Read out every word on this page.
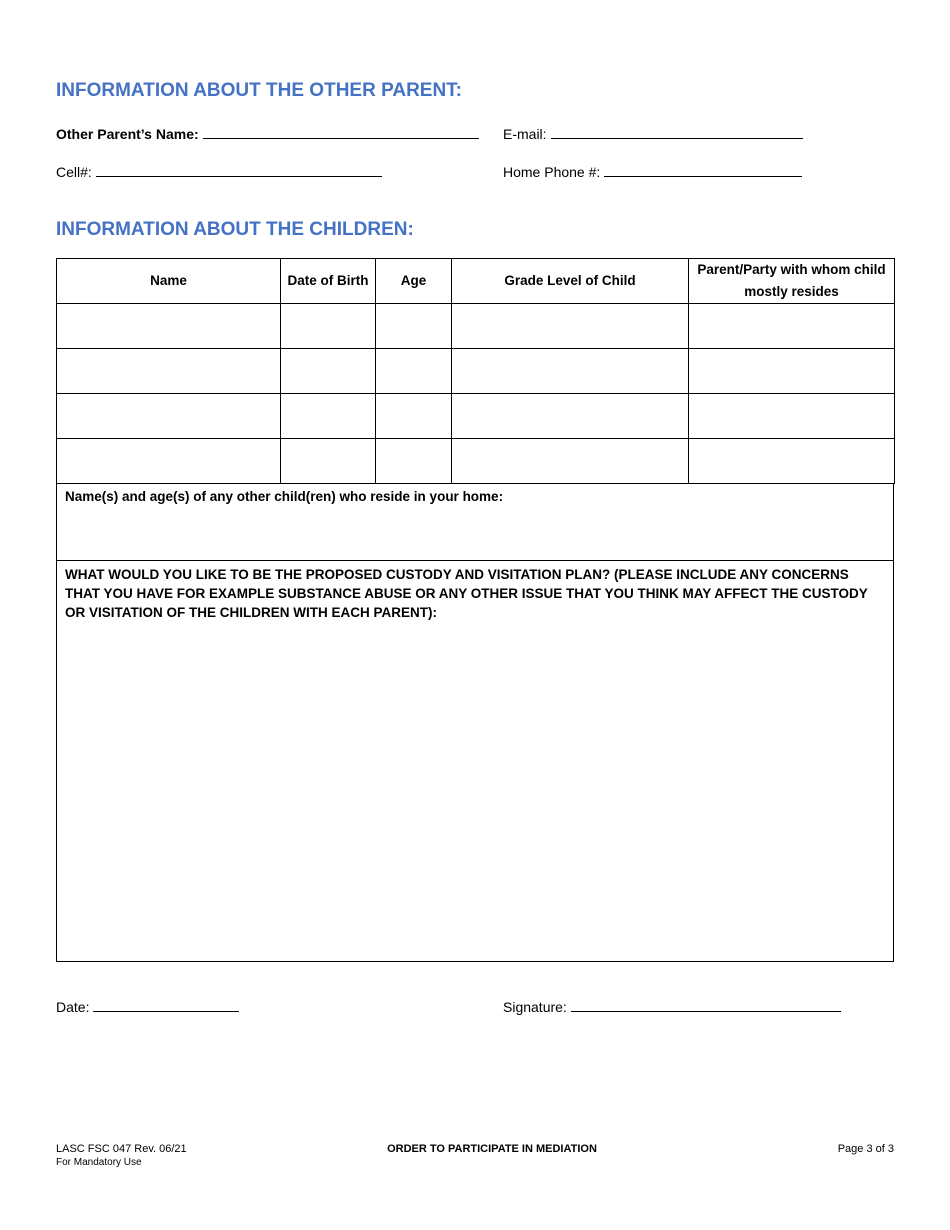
INFORMATION ABOUT THE OTHER PARENT:
Other Parent’s Name:	E-mail:
Cell#:	Home Phone #:
INFORMATION ABOUT THE CHILDREN:
Name	Date of Birth	Age	Grade Level of Child	Parent/Party with whom child mostly resides

Name(s) and age(s) of any other child(ren) who reside in your home:
WHAT WOULD YOU LIKE TO BE THE PROPOSED CUSTODY AND VISITATION PLAN? (PLEASE INCLUDE ANY CONCERNS THAT YOU HAVE FOR EXAMPLE SUBSTANCE ABUSE OR ANY OTHER ISSUE THAT YOU THINK MAY AFFECT THE CUSTODY OR VISITATION OF THE CHILDREN WITH EACH PARENT):
Date:	Signature:
LASC FSC 047 Rev. 06/21
For Mandatory Use
ORDER TO PARTICIPATE IN MEDIATION	Page 3 of 3
